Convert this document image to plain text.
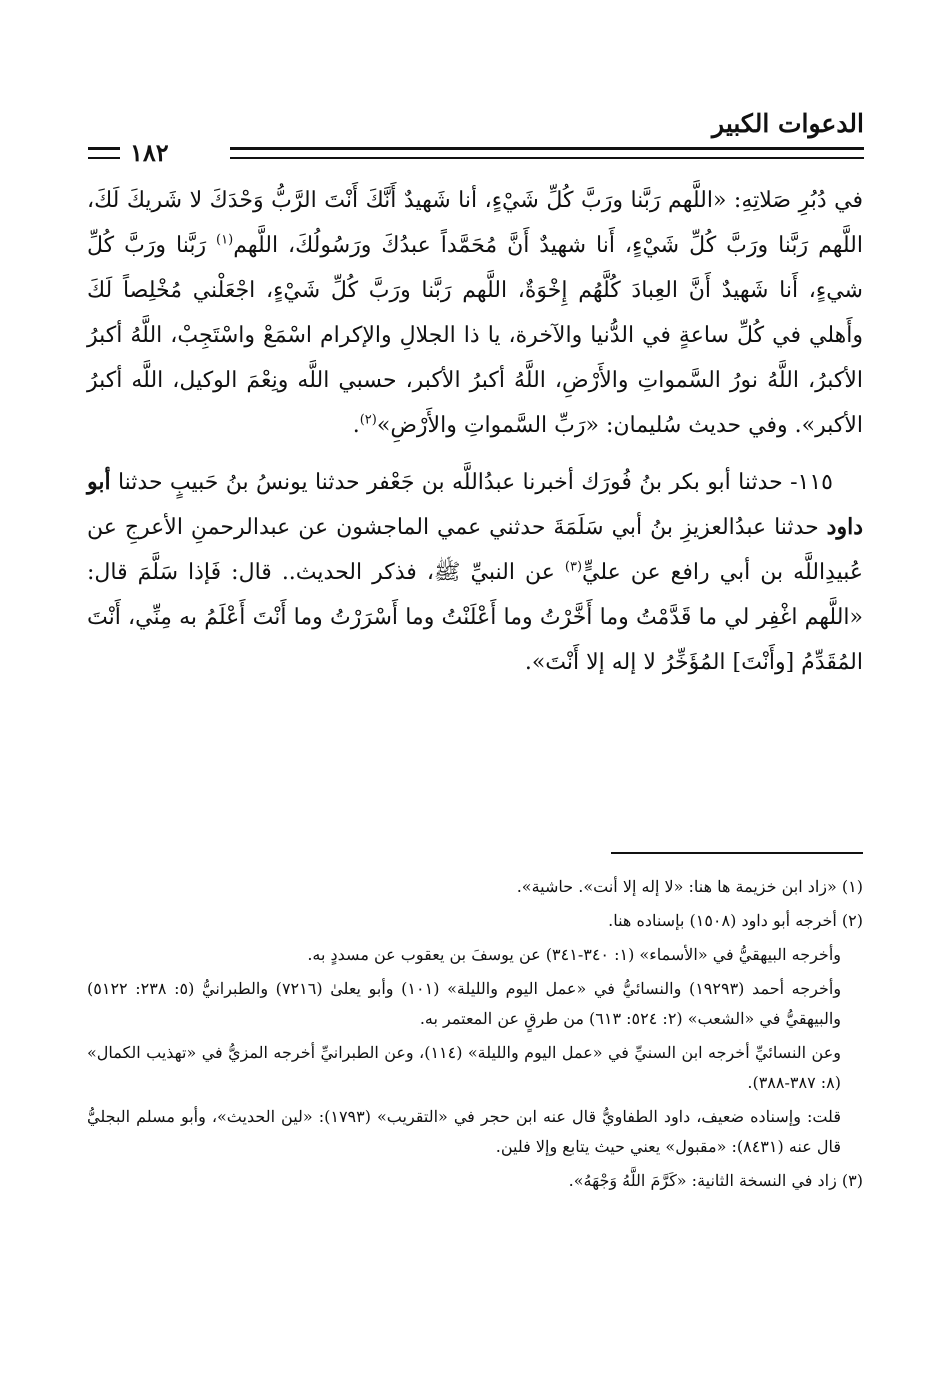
الدعوات الكبير
١٨٢

في دُبُرِ صَلاتِهِ: «اللَّهم رَبَّنا ورَبَّ كُلِّ شَيْءٍ، أنا شَهيدٌ أَنَّكَ أَنْتَ الرَّبُّ وَحْدَكَ لا شَريكَ لَكَ، اللَّهم رَبَّنا ورَبَّ كُلِّ شَيْءٍ، أَنا شهيدٌ أَنَّ مُحَمَّداً عبدُكَ ورَسُولُكَ، اللَّهم$^{(١)}$ رَبَّنا ورَبَّ كُلِّ شيءٍ، أَنا شَهيدٌ أَنَّ العِبادَ كُلَّهُم إِخْوَةٌ، اللَّهم رَبَّنا ورَبَّ كُلِّ شَيْءٍ، اجْعَلْني مُخْلِصاً لَكَ وأَهلي في كُلِّ ساعةٍ في الدُّنيا والآخرة، يا ذا الجلالِ والإكرام اسْمَعْ واسْتَجِبْ، اللَّهُ أكبرُ الأكبرُ، اللَّهُ نورُ السَّمواتِ والأَرْضِ، اللَّهُ أكبرُ الأكبر، حسبي اللَّه ونِعْمَ الوكيل، اللَّه أكبرُ الأكبر». وفي حديث سُليمان: «رَبِّ السَّمواتِ والأَرْضِ»$^{(٢)}$.

١١٥- حدثنا أبو بكر بنُ فُورَك أخبرنا عبدُاللَّه بن جَعْفر حدثنا يونسُ بنُ حَبيبٍ حدثنا أبو داود حدثنا عبدُالعزيزِ بنُ أبي سَلَمَةَ حدثني عمي الماجشون عن عبدالرحمنِ الأعرجِ عن عُبيدِاللَّه بن أبي رافع عن عليٍّ$^{(٣)}$ عن النبيِّ ﷺ، فذكر الحديث.. قال: فَإذا سَلَّمَ قال: «اللَّهم اغْفِر لي ما قَدَّمْتُ وما أَخَّرْتُ وما أَعْلَنْتُ وما أَسْرَرْتُ وما أَنْتَ أَعْلَمُ به مِنِّي، أَنْتَ المُقَدِّمُ [وأَنْتَ] المُؤَخِّرُ لا إله إلا أَنْتَ».

(١) «زاد ابن خزيمة ها هنا: «لا إله إلا أنت». حاشية».

(٢) أخرجه أبو داود (١٥٠٨) بإسناده هنا.

وأخرجه البيهقيُّ في «الأسماء» (١: ٣٤٠-٣٤١) عن يوسفَ بن يعقوب عن مسددٍ به.

وأخرجه أحمد (١٩٢٩٣) والنسائيُّ في «عمل اليوم والليلة» (١٠١) وأبو يعلىٰ (٧٢١٦) والطبرانيُّ (٥: ٢٣٨: ٥١٢٢) والبيهقيُّ في «الشعب» (٢: ٥٢٤: ٦١٣) من طرقٍ عن المعتمر به.

وعن النسائيِّ أخرجه ابن السنيِّ في «عمل اليوم والليلة» (١١٤)، وعن الطبرانيِّ أخرجه المزيُّ في «تهذيب الكمال» (٨: ٣٨٧-٣٨٨).

قلت: وإسناده ضعيف، داود الطفاويُّ قال عنه ابن حجر في «التقريب» (١٧٩٣): «لين الحديث»، وأبو مسلم البجليُّ قال عنه (٨٤٣١): «مقبول» يعني حيث يتابع وإلا فلين.

(٣) زاد في النسخة الثانية: «كَرَّمَ اللَّهُ وَجْهَهُ».
